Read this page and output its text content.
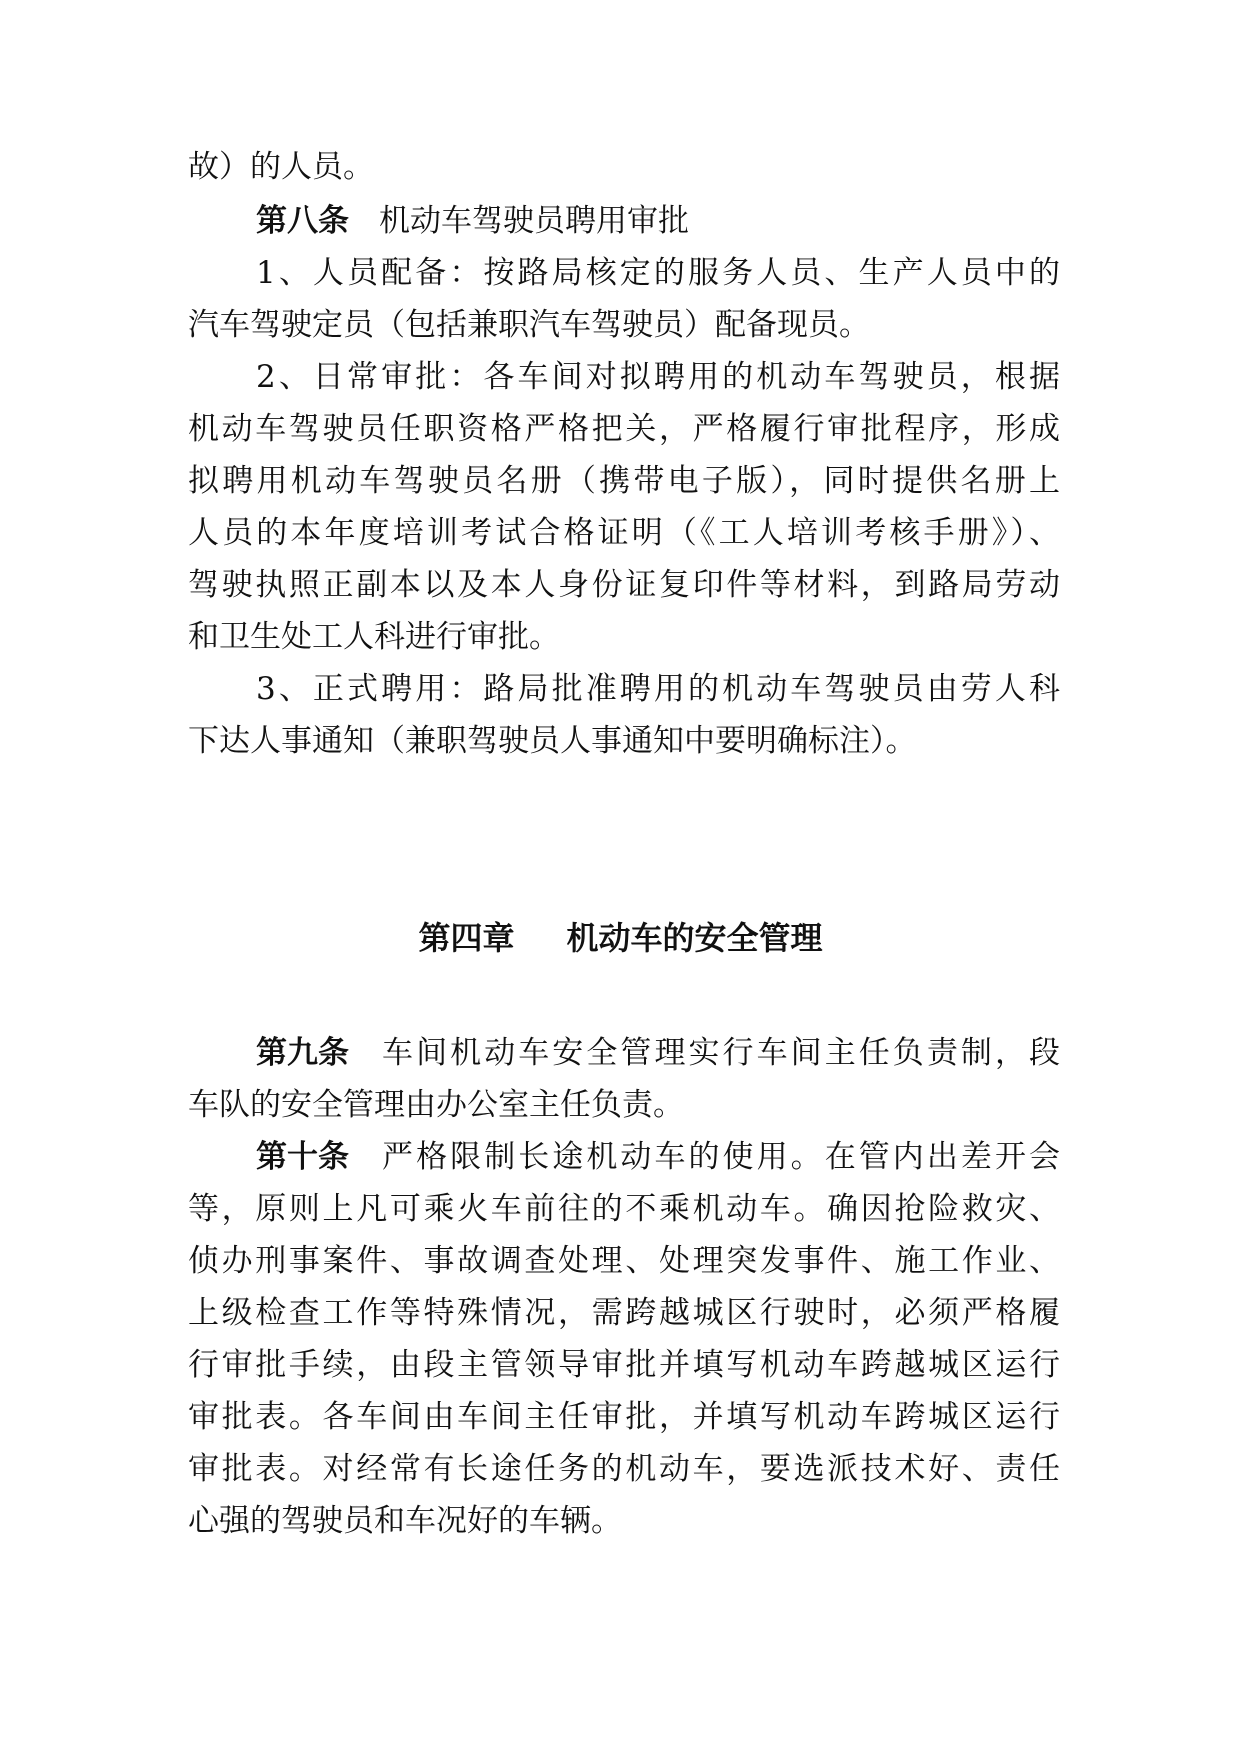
故）的人员。
第八条 机动车驾驶员聘用审批
1、人员配备：按路局核定的服务人员、生产人员中的
汽车驾驶定员（包括兼职汽车驾驶员）配备现员。
2、日常审批：各车间对拟聘用的机动车驾驶员，根据
机动车驾驶员任职资格严格把关，严格履行审批程序，形成
拟聘用机动车驾驶员名册（携带电子版），同时提供名册上
人员的本年度培训考试合格证明（《工人培训考核手册》）、
驾驶执照正副本以及本人身份证复印件等材料，到路局劳动
和卫生处工人科进行审批。
3、正式聘用：路局批准聘用的机动车驾驶员由劳人科
下达人事通知（兼职驾驶员人事通知中要明确标注）。
第四章 机动车的安全管理
第九条 车间机动车安全管理实行车间主任负责制，段
车队的安全管理由办公室主任负责。
第十条 严格限制长途机动车的使用。在管内出差开会
等，原则上凡可乘火车前往的不乘机动车。确因抢险救灾、
侦办刑事案件、事故调查处理、处理突发事件、施工作业、
上级检查工作等特殊情况，需跨越城区行驶时，必须严格履
行审批手续，由段主管领导审批并填写机动车跨越城区运行
审批表。各车间由车间主任审批，并填写机动车跨城区运行
审批表。对经常有长途任务的机动车，要选派技术好、责任
心强的驾驶员和车况好的车辆。
